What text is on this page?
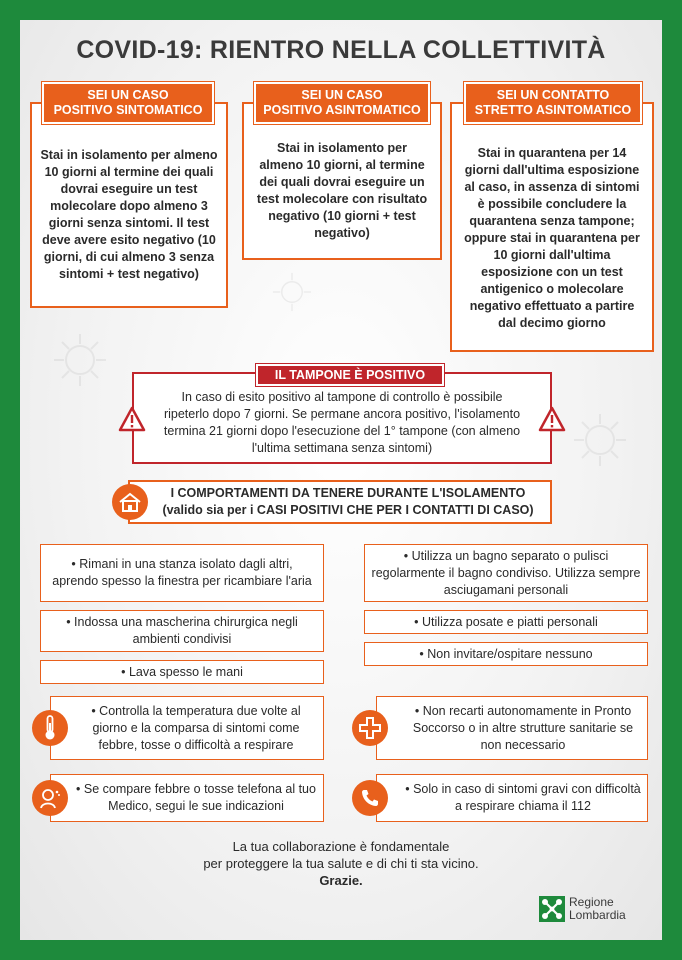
COVID-19: RIENTRO NELLA COLLETTIVITÀ
Stai in isolamento per almeno 10 giorni al termine dei quali dovrai eseguire un test molecolare dopo almeno 3 giorni senza sintomi. Il test deve avere esito negativo (10 giorni, di cui almeno 3 senza sintomi + test negativo)
SEI UN CASO
POSITIVO SINTOMATICO
Stai in isolamento per almeno 10 giorni, al termine dei quali dovrai eseguire un test molecolare con risultato negativo (10 giorni + test negativo)
SEI UN CASO
POSITIVO ASINTOMATICO
Stai in quarantena per 14 giorni dall'ultima esposizione al caso, in assenza di sintomi è possibile concludere la quarantena senza tampone; oppure stai in quarantena per 10 giorni dall'ultima esposizione con un test antigenico o molecolare negativo effettuato a partire dal decimo giorno
SEI UN CONTATTO
STRETTO ASINTOMATICO
In caso di esito positivo al tampone di controllo è possibile ripeterlo dopo 7 giorni. Se permane ancora positivo, l'isolamento termina 21 giorni dopo l'esecuzione del 1° tampone (con almeno l'ultima settimana senza sintomi)
IL TAMPONE È POSITIVO
I COMPORTAMENTI DA TENERE DURANTE L'ISOLAMENTO
(valido sia per i CASI POSITIVI CHE PER I CONTATTI DI CASO)
• Rimani in una stanza isolato dagli altri, aprendo spesso la finestra per ricambiare l'aria
• Indossa una mascherina chirurgica negli ambienti condivisi
• Lava spesso le mani
• Utilizza un bagno separato o pulisci regolarmente il bagno condiviso. Utilizza sempre asciugamani personali
• Utilizza posate e piatti personali
• Non invitare/ospitare nessuno
• Controlla la temperatura due volte al giorno e la comparsa di sintomi come febbre, tosse o difficoltà a respirare
• Non recarti autonomamente in Pronto Soccorso o in altre strutture sanitarie se non necessario
• Se compare febbre o tosse telefona al tuo Medico, segui le sue indicazioni
• Solo in caso di sintomi gravi con difficoltà a respirare chiama il 112
La tua collaborazione è fondamentale
per proteggere la tua salute e di chi ti sta vicino.
Grazie.
Regione
Lombardia
